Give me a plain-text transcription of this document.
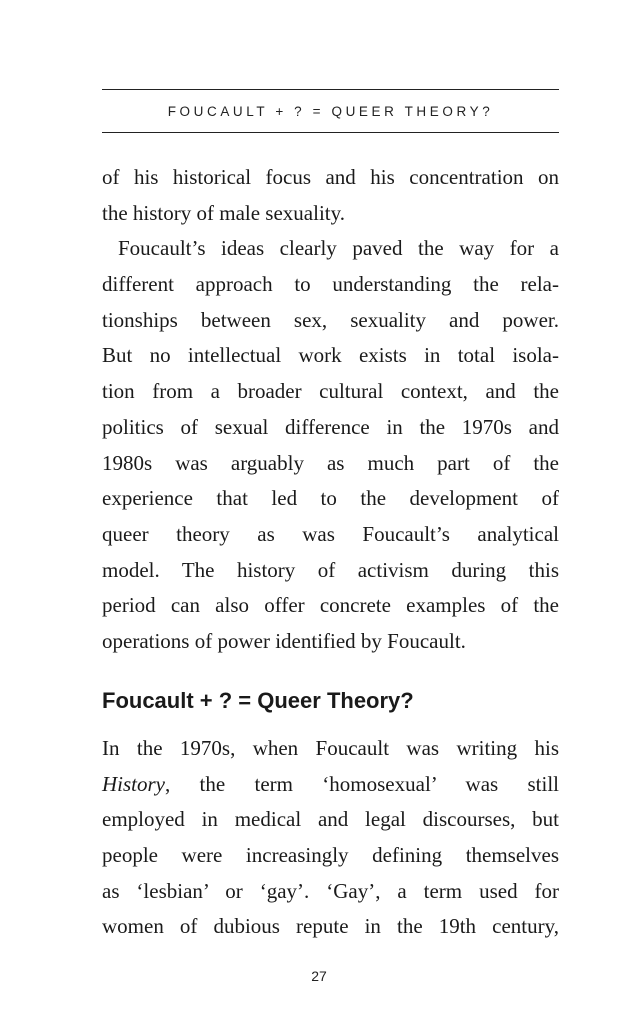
FOUCAULT + ? = QUEER THEORY?
of his historical focus and his concentration on
the history of male sexuality.
Foucault’s ideas clearly paved the way for a
different approach to understanding the rela-
tionships between sex, sexuality and power.
But no intellectual work exists in total isola-
tion from a broader cultural context, and the
politics of sexual difference in the 1970s and
1980s was arguably as much part of the
experience that led to the development of
queer theory as was Foucault’s analytical
model. The history of activism during this
period can also offer concrete examples of the
operations of power identified by Foucault.
Foucault + ? = Queer Theory?
In the 1970s, when Foucault was writing his
History, the term ‘homosexual’ was still
employed in medical and legal discourses, but
people were increasingly defining themselves
as ‘lesbian’ or ‘gay’. ‘Gay’, a term used for
women of dubious repute in the 19th century,
27
